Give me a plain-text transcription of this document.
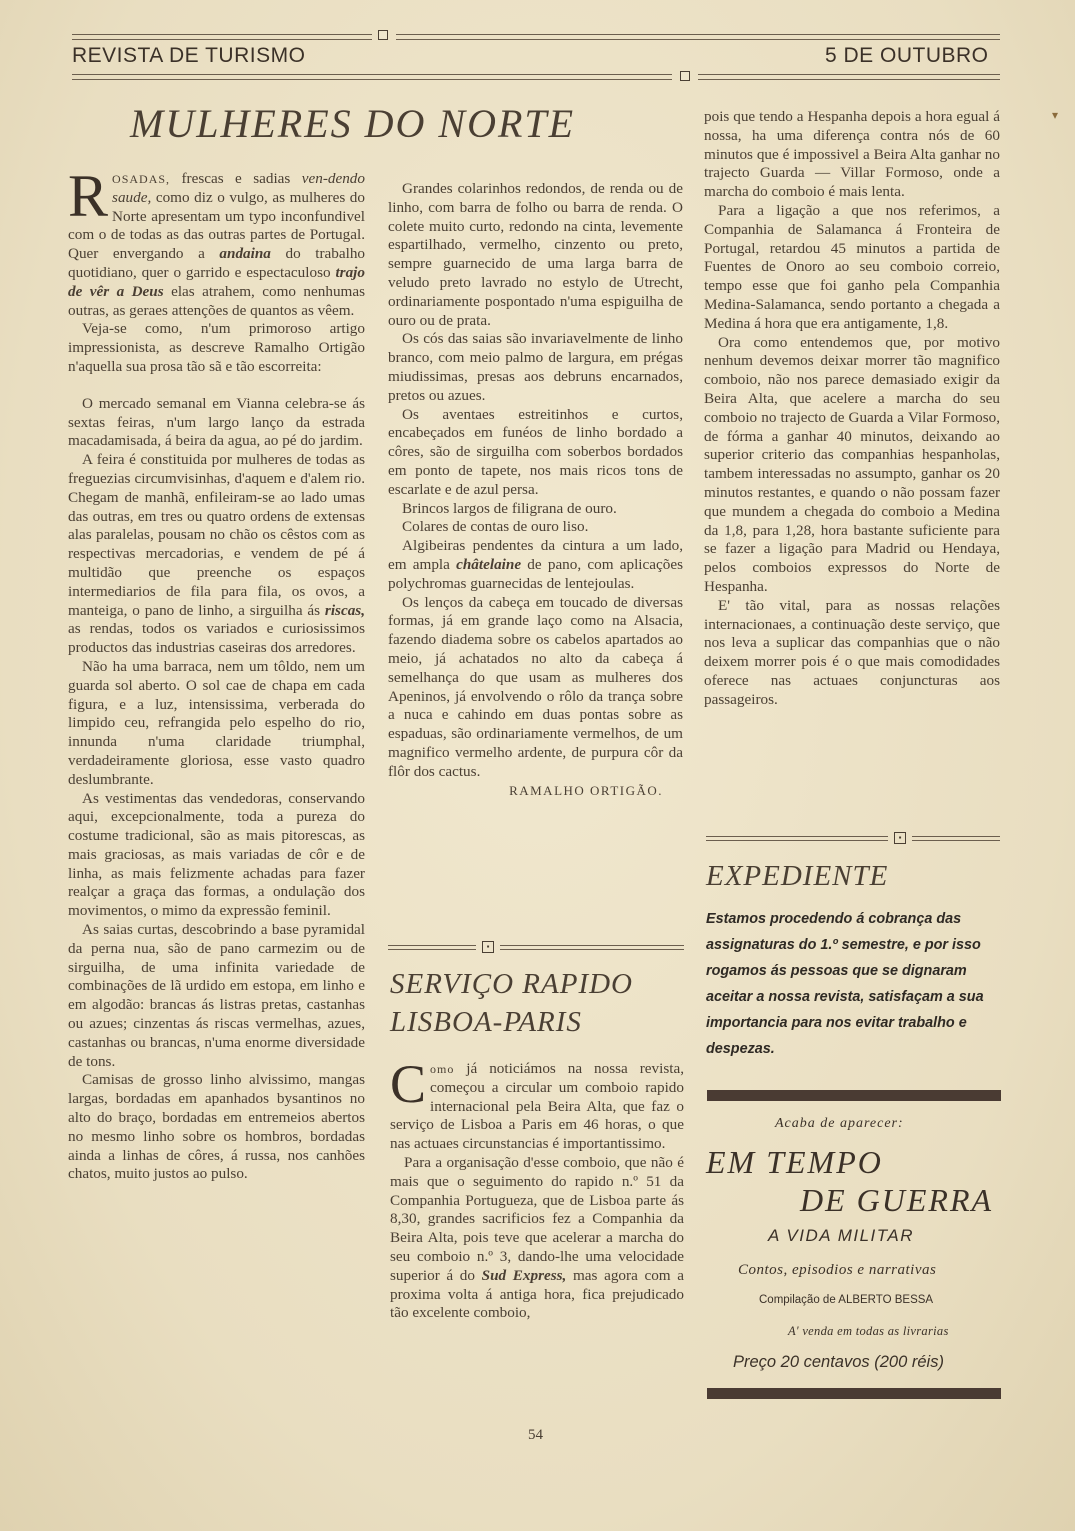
REVISTA DE TURISMO	5 DE OUTUBRO
MULHERES DO NORTE

ROSADAS, frescas e sadias ven-dendo saude, como diz o vulgo, as mulheres do Norte apresentam um typo inconfundivel com o de todas as das outras partes de Portugal. Quer envergando a andaina do trabalho quotidiano, quer o garrido e espectaculoso trajo de vêr a Deus elas atrahem, como nenhumas outras, as geraes attenções de quantos as vêem.

Veja-se como, n'um primoroso artigo impressionista, as descreve Ramalho Ortigão n'aquella sua prosa tão sã e tão escorreita:

O mercado semanal em Vianna celebra-se ás sextas feiras, n'um largo lanço da estrada macadamisada, á beira da agua, ao pé do jardim.

A feira é constituida por mulheres de todas as freguezias circumvisinhas, d'aquem e d'alem rio. Chegam de manhã, enfileiram-se ao lado umas das outras, em tres ou quatro ordens de extensas alas paralelas, pousam no chão os cêstos com as respectivas mercadorias, e vendem de pé á multidão que preenche os espaços intermediarios de fila para fila, os ovos, a manteiga, o pano de linho, a sirguilha ás riscas, as rendas, todos os variados e curiosissimos productos das industrias caseiras dos arredores.

Não ha uma barraca, nem um tôldo, nem um guarda sol aberto. O sol cae de chapa em cada figura, e a luz, intensissima, verberada do limpido ceu, refrangida pelo espelho do rio, innunda n'uma claridade triumphal, verdadeiramente gloriosa, esse vasto quadro deslumbrante.

As vestimentas das vendedoras, conservando aqui, excepcionalmente, toda a pureza do costume tradicional, são as mais pitorescas, as mais graciosas, as mais variadas de côr e de linha, as mais felizmente achadas para fazer realçar a graça das formas, a ondulação dos movimentos, o mimo da expressão feminil.

As saias curtas, descobrindo a base pyramidal da perna nua, são de pano carmezim ou de sirguilha, de uma infinita variedade de combinações de lã urdido em estopa, em linho e em algodão: brancas ás listras pretas, castanhas ou azues; cinzentas ás riscas vermelhas, azues, castanhas ou brancas, n'uma enorme diversidade de tons.

Camisas de grosso linho alvissimo, mangas largas, bordadas em apanhados bysantinos no alto do braço, bordadas em entremeios abertos no mesmo linho sobre os hombros, bordadas ainda a linhas de côres, á russa, nos canhões chatos, muito justos ao pulso.

Grandes colarinhos redondos, de renda ou de linho, com barra de folho ou barra de renda. O colete muito curto, redondo na cinta, levemente espartilhado, vermelho, cinzento ou preto, sempre guarnecido de uma larga barra de veludo preto lavrado no estylo de Utrecht, ordinariamente pospontado n'uma espiguilha de ouro ou de prata.

Os cós das saias são invariavelmente de linho branco, com meio palmo de largura, em prégas miudissimas, presas aos debruns encarnados, pretos ou azues.

Os aventaes estreitinhos e curtos, encabeçados em funéos de linho bordado a côres, são de sirguilha com soberbos bordados em ponto de tapete, nos mais ricos tons de escarlate e de azul persa.

Brincos largos de filigrana de ouro.

Colares de contas de ouro liso.

Algibeiras pendentes da cintura a um lado, em ampla châtelaine de pano, com aplicações polychromas guarnecidas de lentejoulas.

Os lenços da cabeça em toucado de diversas formas, já em grande laço como na Alsacia, fazendo diadema sobre os cabelos apartados ao meio, já achatados no alto da cabeça á semelhança do que usam as mulheres dos Apeninos, já envolvendo o rôlo da trança sobre a nuca e cahindo em duas pontas sobre as espaduas, são ordinariamente vermelhos, de um magnifico vermelho ardente, de purpura côr da flôr dos cactus.

RAMALHO ORTIGÃO.

▪
SERVIÇO RAPIDO
LISBOA-PARIS

Como já noticiámos na nossa revista, começou a circular um comboio rapido internacional pela Beira Alta, que faz o serviço de Lisboa a Paris em 46 horas, o que nas actuaes circunstancias é importantissimo.

Para a organisação d'esse comboio, que não é mais que o seguimento do rapido n.º 51 da Companhia Portugueza, que de Lisboa parte ás 8,30, grandes sacrificios fez a Companhia da Beira Alta, pois teve que acelerar a marcha do seu comboio n.º 3, dando-lhe uma velocidade superior á do Sud Express, mas agora com a proxima volta á antiga hora, fica prejudicado tão excelente comboio,

pois que tendo a Hespanha depois a hora egual á nossa, ha uma diferença contra nós de 60 minutos que é impossivel a Beira Alta ganhar no trajecto Guarda — Villar Formoso, onde a marcha do comboio é mais lenta.

Para a ligação a que nos referimos, a Companhia de Salamanca á Fronteira de Portugal, retardou 45 minutos a partida de Fuentes de Onoro ao seu comboio correio, tempo esse que foi ganho pela Companhia Medina-Salamanca, sendo portanto a chegada a Medina á hora que era antigamente, 1,8.

Ora como entendemos que, por motivo nenhum devemos deixar morrer tão magnifico comboio, não nos parece demasiado exigir da Beira Alta, que acelere a marcha do seu comboio no trajecto de Guarda a Vilar Formoso, de fórma a ganhar 40 minutos, deixando ao superior criterio das companhias hespanholas, tambem interessadas no assumpto, ganhar os 20 minutos restantes, e quando o não possam fazer que mundem a chegada do comboio a Medina da 1,8, para 1,28, hora bastante suficiente para se fazer a ligação para Madrid ou Hendaya, pelos comboios expressos do Norte de Hespanha.

E' tão vital, para as nossas relações internacionaes, a continuação deste serviço, que nos leva a suplicar das companhias que o não deixem morrer pois é o que mais comodidades oferece nas actuaes conjuncturas aos passageiros.

▪
EXPEDIENTE
Estamos procedendo á cobrança das assignaturas do 1.º semestre, e por isso rogamos ás pessoas que se dignaram aceitar a nossa revista, satisfaçam a sua importancia para nos evitar trabalho e despezas.
Acaba de aparecer:
EM TEMPO
DE GUERRA
A VIDA MILITAR
Contos, episodios e narrativas
Compilação de ALBERTO BESSA
A' venda em todas as livrarias
Preço 20 centavos (200 réis)
54
▾
